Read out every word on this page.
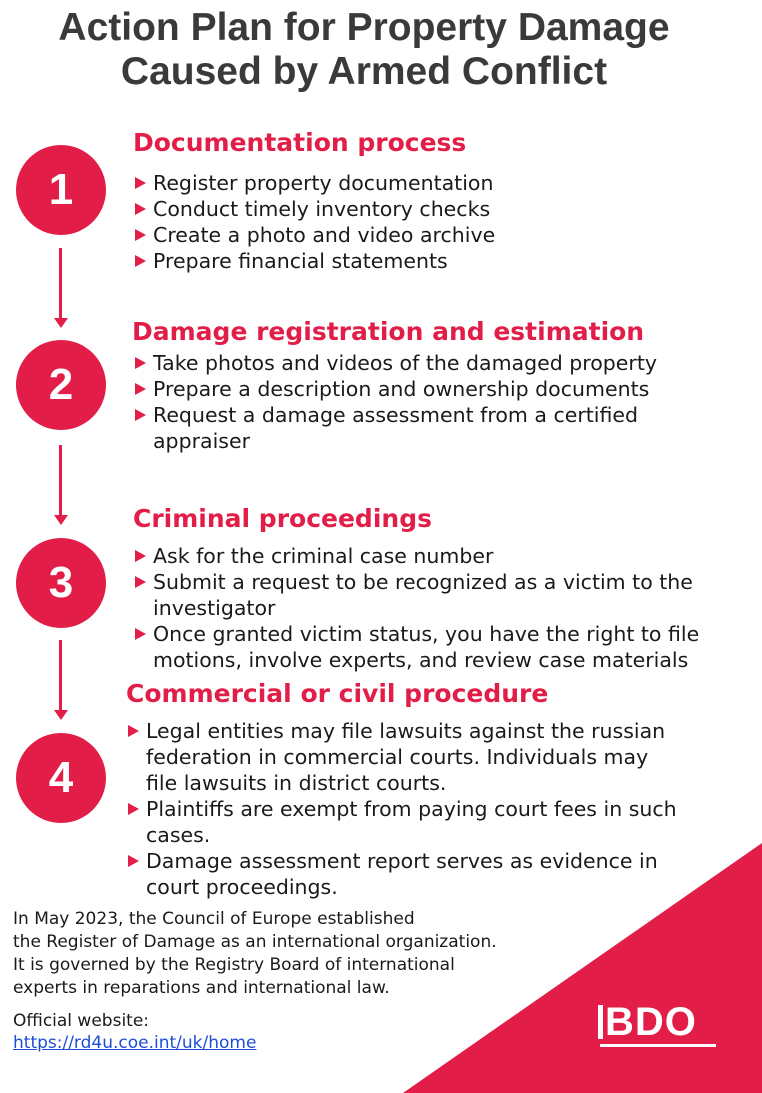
Action Plan for Property Damage
Caused by Armed Conflict
1
Documentation process
Register property documentation
Conduct timely inventory checks
Create a photo and video archive
Prepare financial statements
2
Damage registration and estimation
Take photos and videos of the damaged property
Prepare a description and ownership documents
Request a damage assessment from a certified
appraiser
3
Criminal proceedings
Ask for the criminal case number
Submit a request to be recognized as a victim to the
investigator
Once granted victim status, you have the right to file
motions, involve experts, and review case materials
4
Commercial or civil procedure
Legal entities may file lawsuits against the russian
federation in commercial courts. Individuals may
file lawsuits in district courts.
Plaintiffs are exempt from paying court fees in such
cases.
Damage assessment report serves as evidence in
court proceedings.
In May 2023, the Council of Europe established
the Register of Damage as an international organization.
It is governed by the Registry Board of international
experts in reparations and international law.
Official website:
https://rd4u.coe.int/uk/home	BDO
